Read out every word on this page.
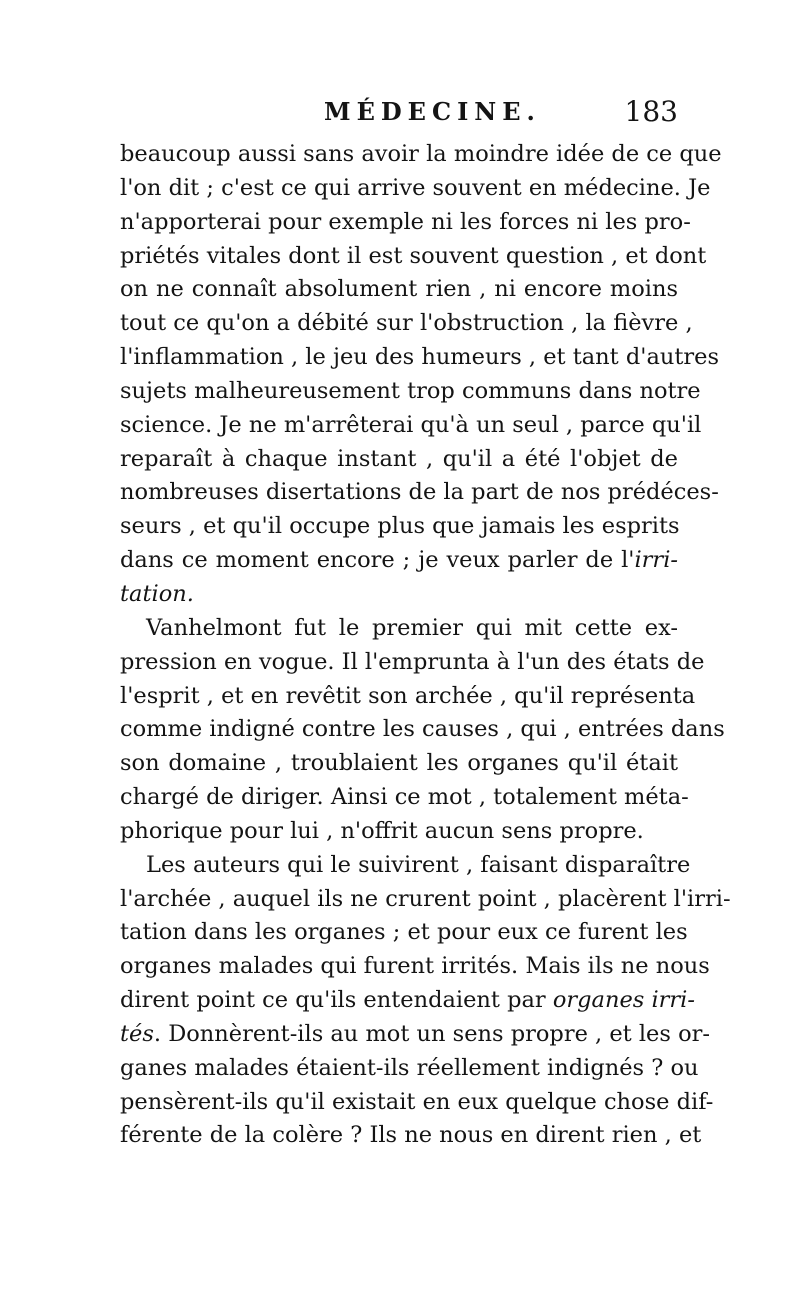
MÉDECINE.	183
beaucoup aussi sans avoir la moindre idée de ce que
l'on dit ; c'est ce qui arrive souvent en médecine. Je
n'apporterai pour exemple ni les forces ni les pro-
priétés vitales dont il est souvent question , et dont
on ne connaît absolument rien , ni encore moins
tout ce qu'on a débité sur l'obstruction , la fièvre ,
l'inflammation , le jeu des humeurs , et tant d'autres
sujets malheureusement trop communs dans notre
science. Je ne m'arrêterai qu'à un seul , parce qu'il
reparaît à chaque instant , qu'il a été l'objet de
nombreuses disertations de la part de nos prédéces-
seurs , et qu'il occupe plus que jamais les esprits
dans ce moment encore ; je veux parler de l'irri-
tation.
Vanhelmont fut le premier qui mit cette ex-
pression en vogue. Il l'emprunta à l'un des états de
l'esprit , et en revêtit son archée , qu'il représenta
comme indigné contre les causes , qui , entrées dans
son domaine , troublaient les organes qu'il était
chargé de diriger. Ainsi ce mot , totalement méta-
phorique pour lui , n'offrit aucun sens propre.
Les auteurs qui le suivirent , faisant disparaître
l'archée , auquel ils ne crurent point , placèrent l'irri-
tation dans les organes ; et pour eux ce furent les
organes malades qui furent irrités. Mais ils ne nous
dirent point ce qu'ils entendaient par organes irri-
tés. Donnèrent-ils au mot un sens propre , et les or-
ganes malades étaient-ils réellement indignés ? ou
pensèrent-ils qu'il existait en eux quelque chose dif-
férente de la colère ? Ils ne nous en dirent rien , et
